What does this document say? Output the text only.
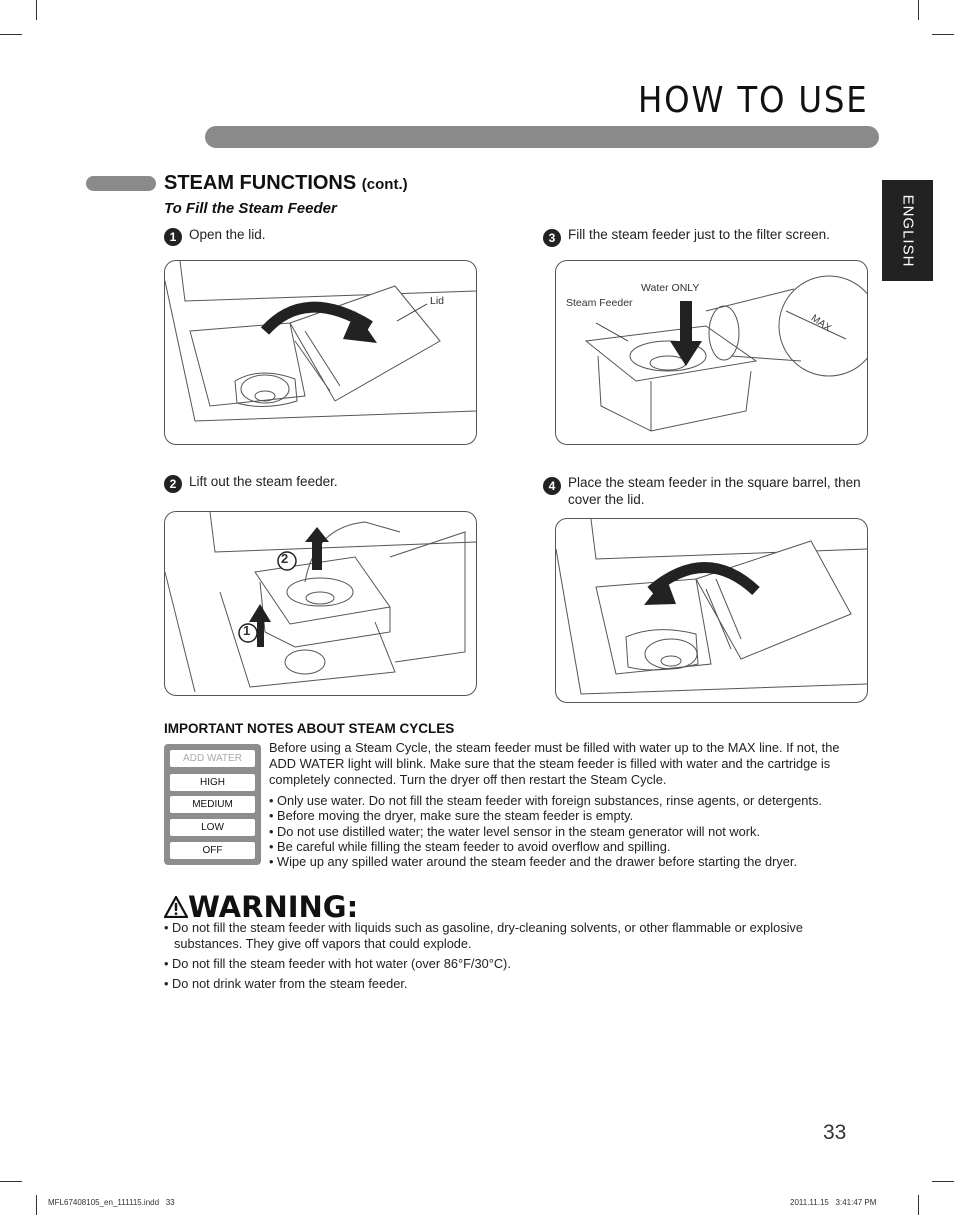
HOW TO USE
ENGLISH
STEAM FUNCTIONS (cont.)
To Fill the Steam Feeder
1 Open the lid.
Lid
3 Fill the steam feeder just to the filter screen.
Steam Feeder
Water ONLY
MAX
2 Lift out the steam feeder.
2
1
4 Place the steam feeder in the square barrel, then cover the lid.
IMPORTANT NOTES ABOUT STEAM CYCLES
ADD WATER
HIGH
MEDIUM
LOW
OFF
Before using a Steam Cycle, the steam feeder must be filled with water up to the MAX line. If not, the ADD WATER light will blink. Make sure that the steam feeder is filled with water and the cartridge is completely connected. Turn the dryer off then restart the Steam Cycle.
• Only use water. Do not fill the steam feeder with foreign substances, rinse agents, or detergents.
• Before moving the dryer, make sure the steam feeder is empty.
• Do not use distilled water; the water level sensor in the steam generator will not work.
• Be careful while filling the steam feeder to avoid overflow and spilling.
• Wipe up any spilled water around the steam feeder and the drawer before starting the dryer.
WARNING:
• Do not fill the steam feeder with liquids such as gasoline, dry-cleaning solvents, or other flammable or explosive substances. They give off vapors that could explode.
• Do not fill the steam feeder with hot water (over 86°F/30°C).
• Do not drink water from the steam feeder.
33
MFL67408105_en_111115.indd   33	2011.11.15   3:41:47 PM
